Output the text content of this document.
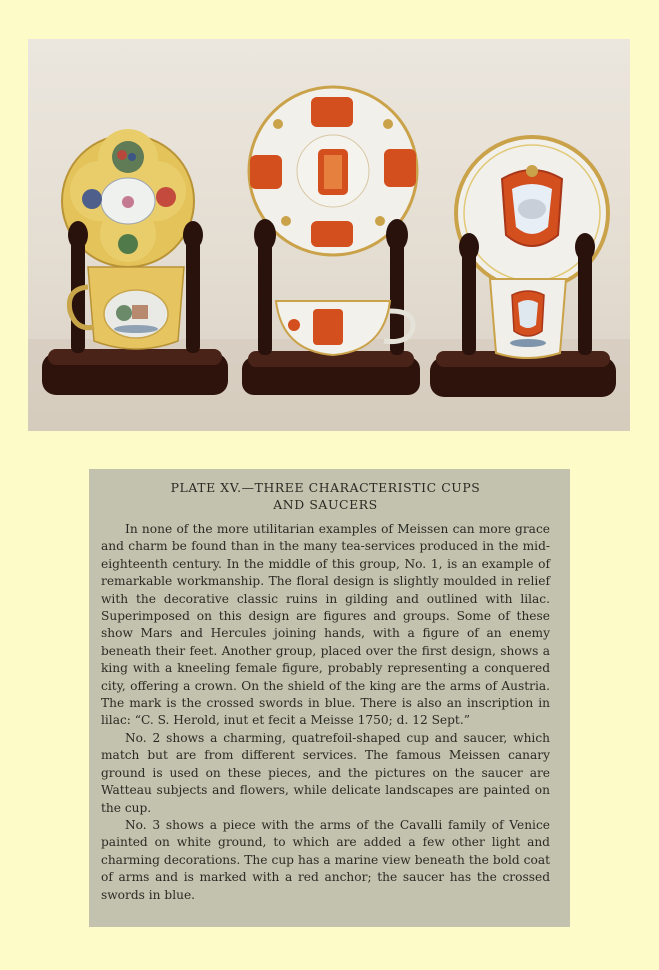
PLATE XV.—THREE CHARACTERISTIC CUPS
AND SAUCERS

In none of the more utilitarian examples of Meissen can more grace and charm be found than in the many tea-services produced in the mid-eighteenth century. In the middle of this group, No. 1, is an example of remarkable workmanship. The floral design is slightly moulded in relief with the decorative classic ruins in gilding and outlined with lilac. Superimposed on this design are figures and groups. Some of these show Mars and Hercules joining hands, with a figure of an enemy beneath their feet. Another group, placed over the first design, shows a king with a kneeling female figure, probably representing a conquered city, offering a crown. On the shield of the king are the arms of Austria. The mark is the crossed swords in blue. There is also an inscription in lilac: “C. S. Herold, inut et fecit a Meisse 1750; d. 12 Sept.”

No. 2 shows a charming, quatrefoil-shaped cup and saucer, which match but are from different services. The famous Meissen canary ground is used on these pieces, and the pictures on the saucer are Watteau subjects and flowers, while delicate landscapes are painted on the cup.

No. 3 shows a piece with the arms of the Cavalli family of Venice painted on white ground, to which are added a few other light and charming decorations. The cup has a marine view beneath the bold coat of arms and is marked with a red anchor; the saucer has the crossed swords in blue.
